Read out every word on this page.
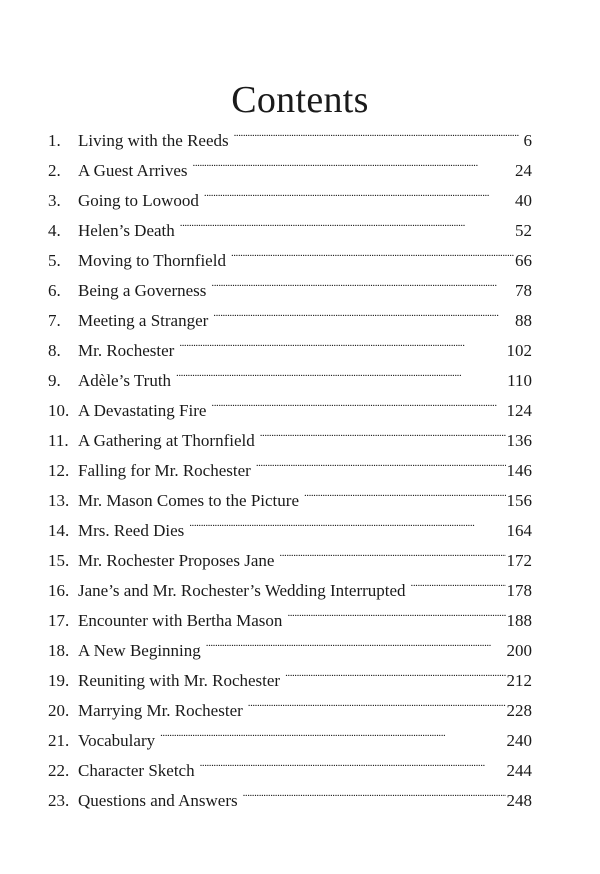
Contents
1.	Living with the Reeds . . .	6
2.	A Guest Arrives . . .	24
3.	Going to Lowood . . .	40
4.	Helen’s Death . . .	52
5.	Moving to Thornfield . . .	66
6.	Being a Governess . . .	78
7.	Meeting a Stranger . . .	88
8.	Mr. Rochester . . .	102
9.	Adèle’s Truth . . .	110
10. A Devastating Fire . . .	124
11. A Gathering at Thornfield . . .	136
12. Falling for Mr. Rochester . . .	146
13. Mr. Mason Comes to the Picture . . .	156
14. Mrs. Reed Dies . . .	164
15. Mr. Rochester Proposes Jane . . .	172
16. Jane’s and Mr. Rochester’s Wedding Interrupted . . .	178
17. Encounter with Bertha Mason . . .	188
18. A New Beginning . . .	200
19. Reuniting with Mr. Rochester . . .	212
20. Marrying Mr. Rochester . . .	228
21. Vocabulary . . .	240
22. Character Sketch . . .	244
23. Questions and Answers . . .	248
